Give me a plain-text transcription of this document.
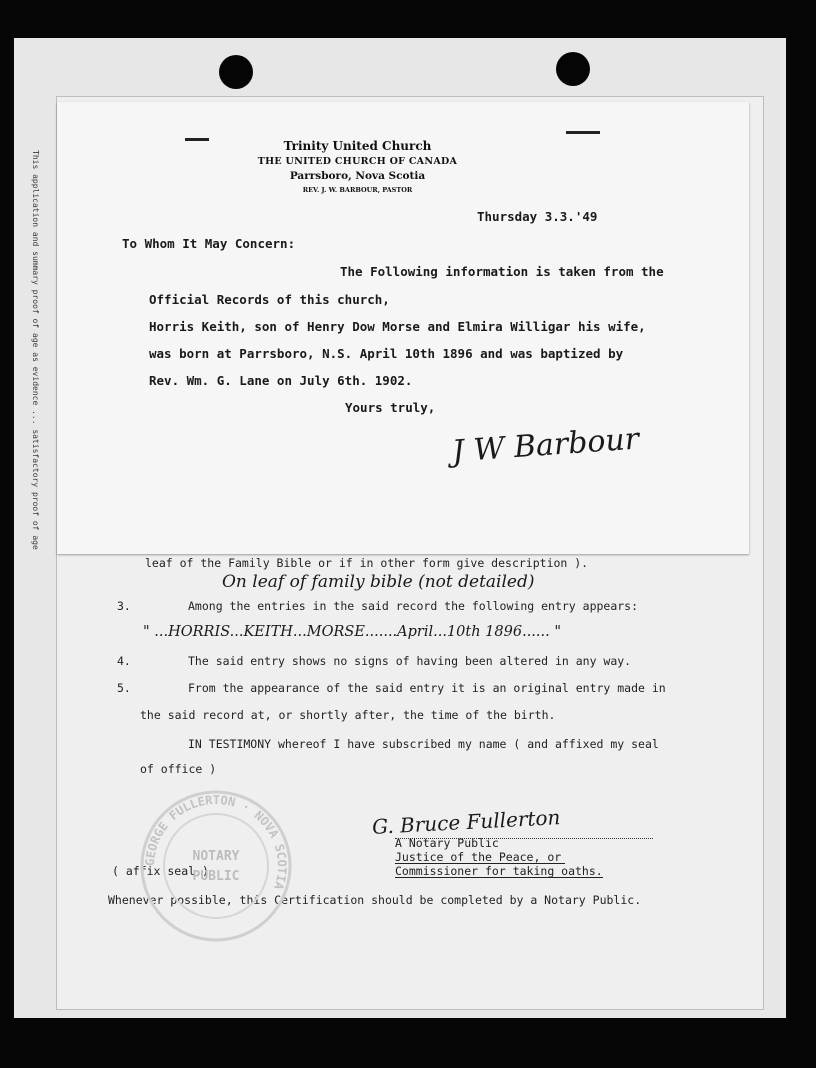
This application and summary proof of age as evidence ... satisfactory proof of age
leaf of the Family Bible or if in other form give description ).
On leaf of family bible (not detailed)
3.	Among the entries in the said record the following entry appears:
" ...HORRIS...KEITH...MORSE.......April...10th 1896...... "
4.	The said entry shows no signs of having been altered in any way.
5.	From the appearance of the said entry it is an original entry made in
the said record at, or shortly after, the time of the birth.
IN TESTIMONY whereof I have subscribed my name ( and affixed my seal
of office )
G. Bruce Fullerton
A Notary Public
Justice of the Peace, or
Commissioner for taking oaths.
( affix seal )
Whenever possible, this Certification should be completed by a Notary Public.
GEORGE FULLERTON · NOVA SCOTIA
NOTARY
PUBLIC
Trinity United Church
THE UNITED CHURCH OF CANADA
Parrsboro, Nova Scotia
REV. J. W. BARBOUR, PASTOR
Thursday 3.3.'49
To Whom It May Concern:
The Following information is taken from the
Official Records of this church,
Horris Keith, son of Henry Dow Morse and Elmira Willigar his wife,
was born at Parrsboro, N.S. April 10th 1896 and was baptized by
Rev. Wm. G. Lane on July 6th. 1902.
Yours truly,
J W Barbour
